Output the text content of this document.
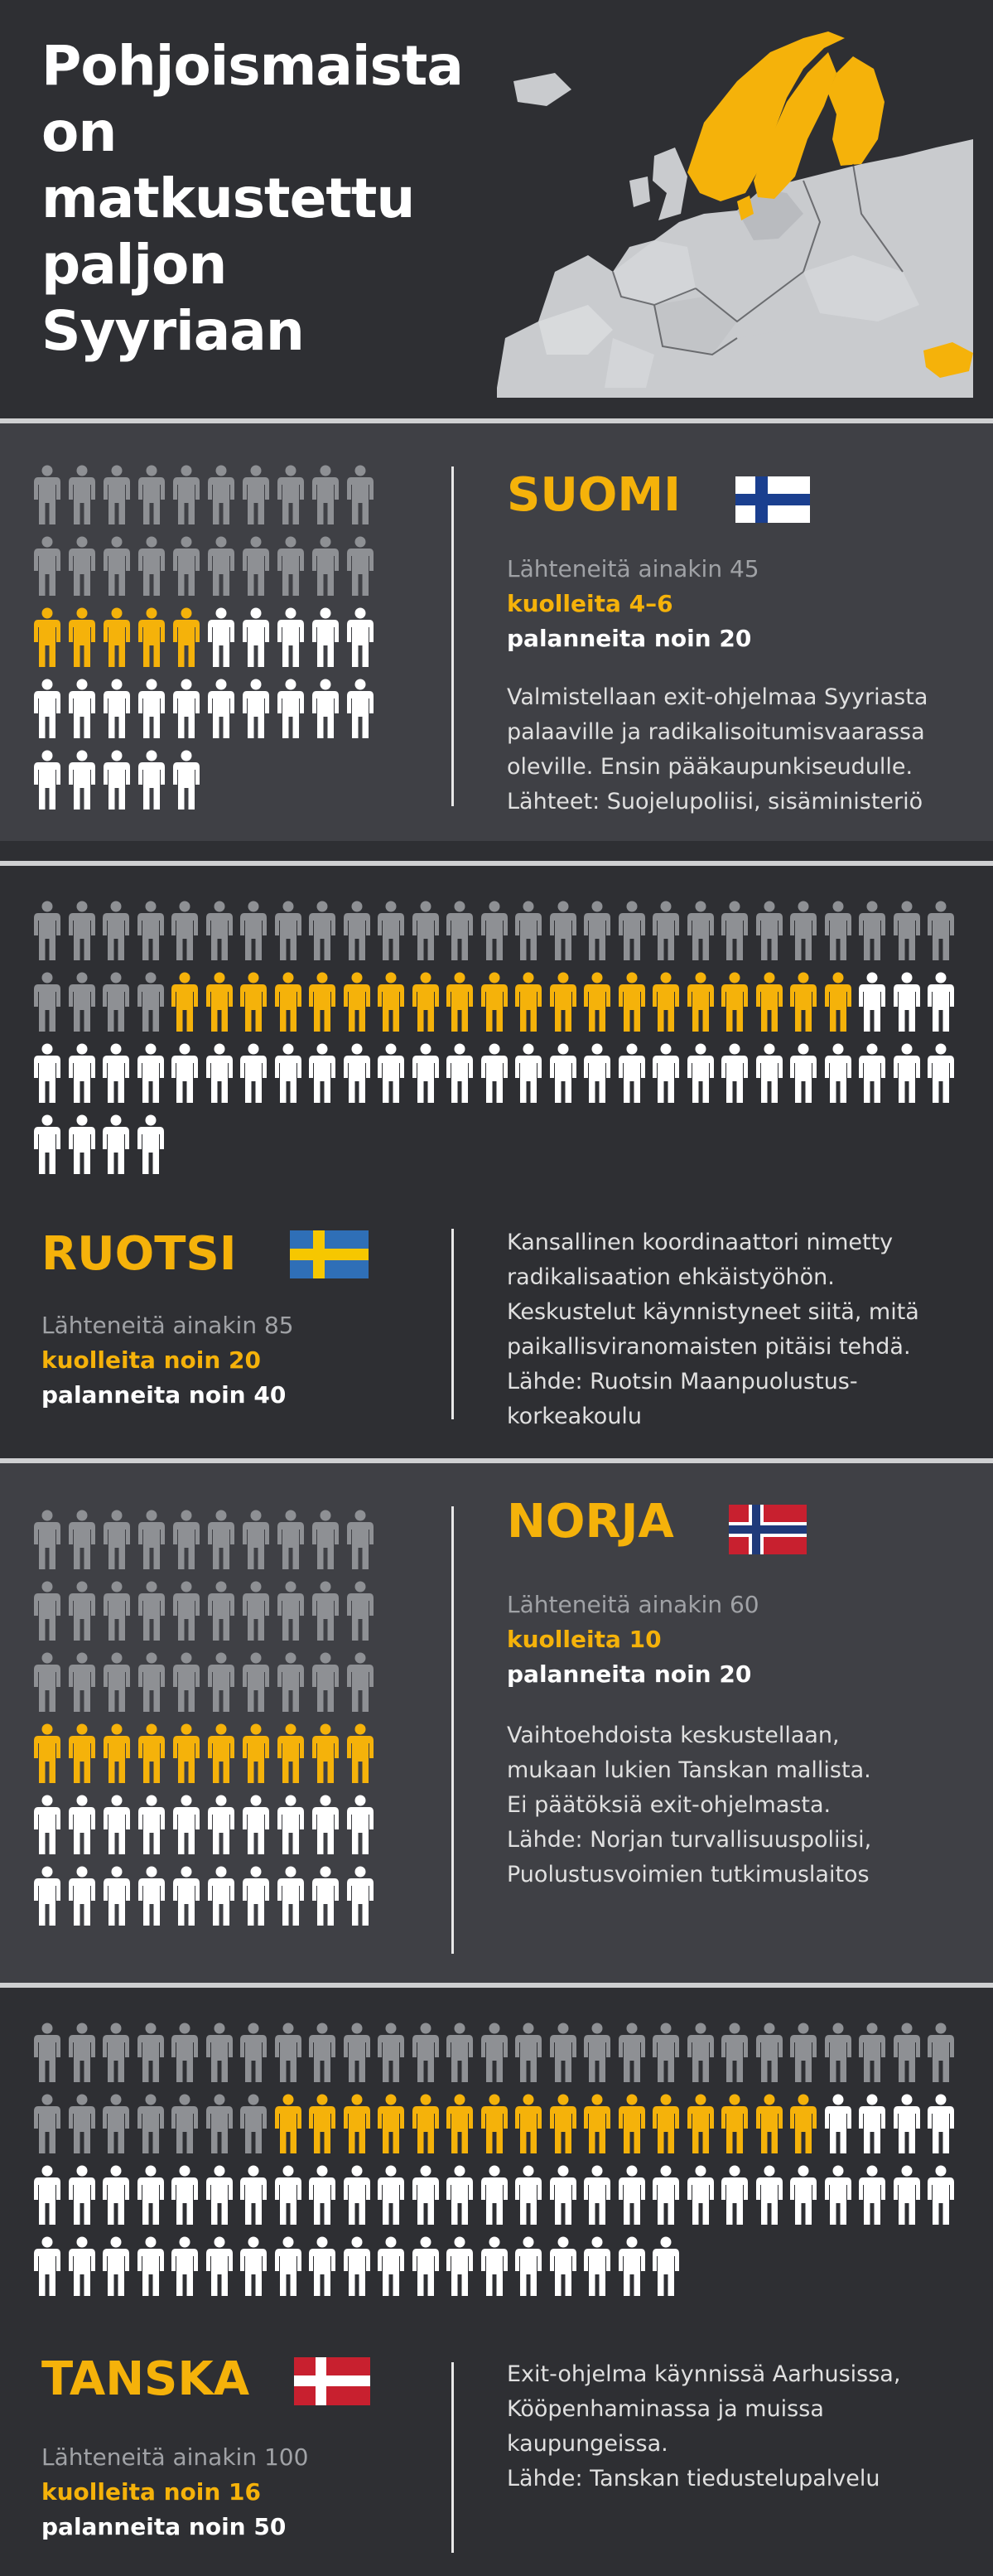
Pohjoismaista on matkustettu paljon Syyriaan
SUOMI
Lähteneitä ainakin 45
kuolleita 4–6
palanneita noin 20
Valmistellaan exit-ohjelmaa Syyriasta
palaaville ja radikalisoitumisvaarassa
oleville. Ensin pääkaupunkiseudulle.
Lähteet: Suojelupoliisi, sisäministeriö
RUOTSI
Lähteneitä ainakin 85
kuolleita noin 20
palanneita noin 40
Kansallinen koordinaattori nimetty
radikalisaation ehkäistyöhön.
Keskustelut käynnistyneet siitä, mitä
paikallisviranomaisten pitäisi tehdä.
Lähde: Ruotsin Maanpuolustus-
korkeakoulu
NORJA
Lähteneitä ainakin 60
kuolleita 10
palanneita noin 20
Vaihtoehdoista keskustellaan,
mukaan lukien Tanskan mallista.
Ei päätöksiä exit-ohjelmasta.
Lähde: Norjan turvallisuuspoliisi,
Puolustusvoimien tutkimuslaitos
TANSKA
Lähteneitä ainakin 100
kuolleita noin 16
palanneita noin 50
Exit-ohjelma käynnissä Aarhusissa,
Kööpenhaminassa ja muissa
kaupungeissa.
Lähde: Tanskan tiedustelupalvelu
